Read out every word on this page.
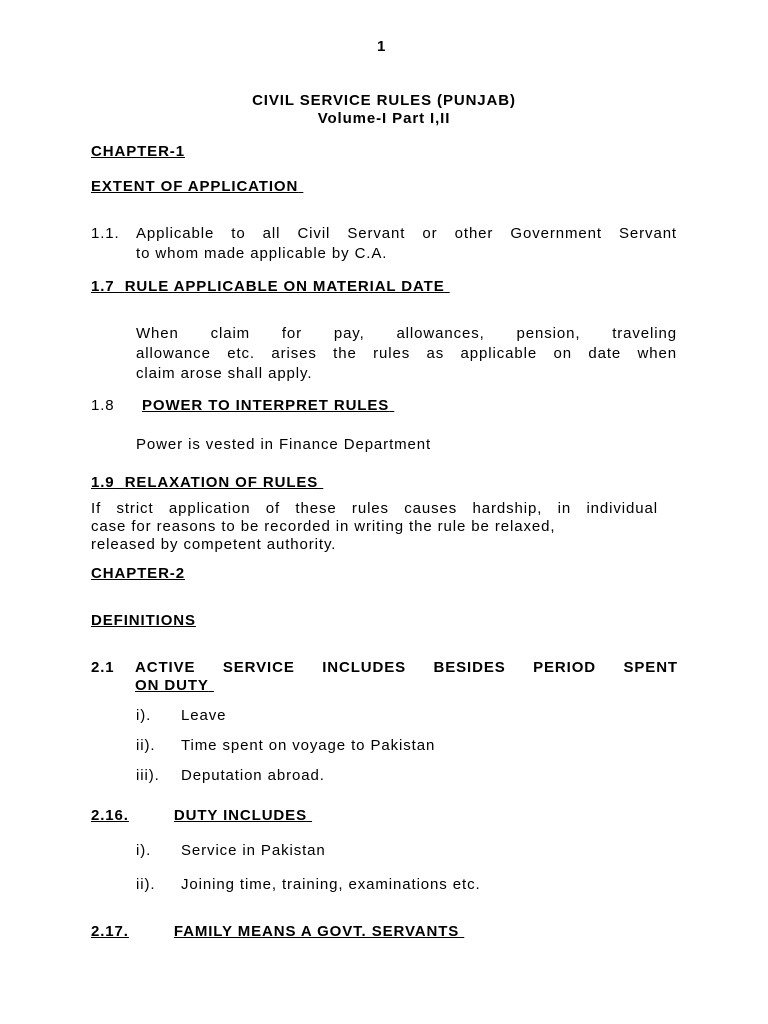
1
CIVIL SERVICE RULES (PUNJAB)
Volume-I Part I,II
CHAPTER-1
EXTENT OF APPLICATION
1.1. Applicable to all Civil Servant or other Government Servant
to whom made applicable by C.A.
1.7 RULE APPLICABLE ON MATERIAL DATE
When claim for pay, allowances, pension, traveling
allowance etc. arises the rules as applicable on date when
claim arose shall apply.
1.8 POWER TO INTERPRET RULES
Power is vested in Finance Department
1.9 RELAXATION OF RULES
If strict application of these rules causes hardship, in individual
case for reasons to be recorded in writing the rule be relaxed,
released by competent authority.
CHAPTER-2
DEFINITIONS
2.1 ACTIVE SERVICE INCLUDES BESIDES PERIOD SPENT
ON DUTY
i). Leave
ii). Time spent on voyage to Pakistan
iii). Deputation abroad.
2.16.	DUTY INCLUDES
i). Service in Pakistan
ii). Joining time, training, examinations etc.
2.17.	FAMILY MEANS A GOVT. SERVANTS
